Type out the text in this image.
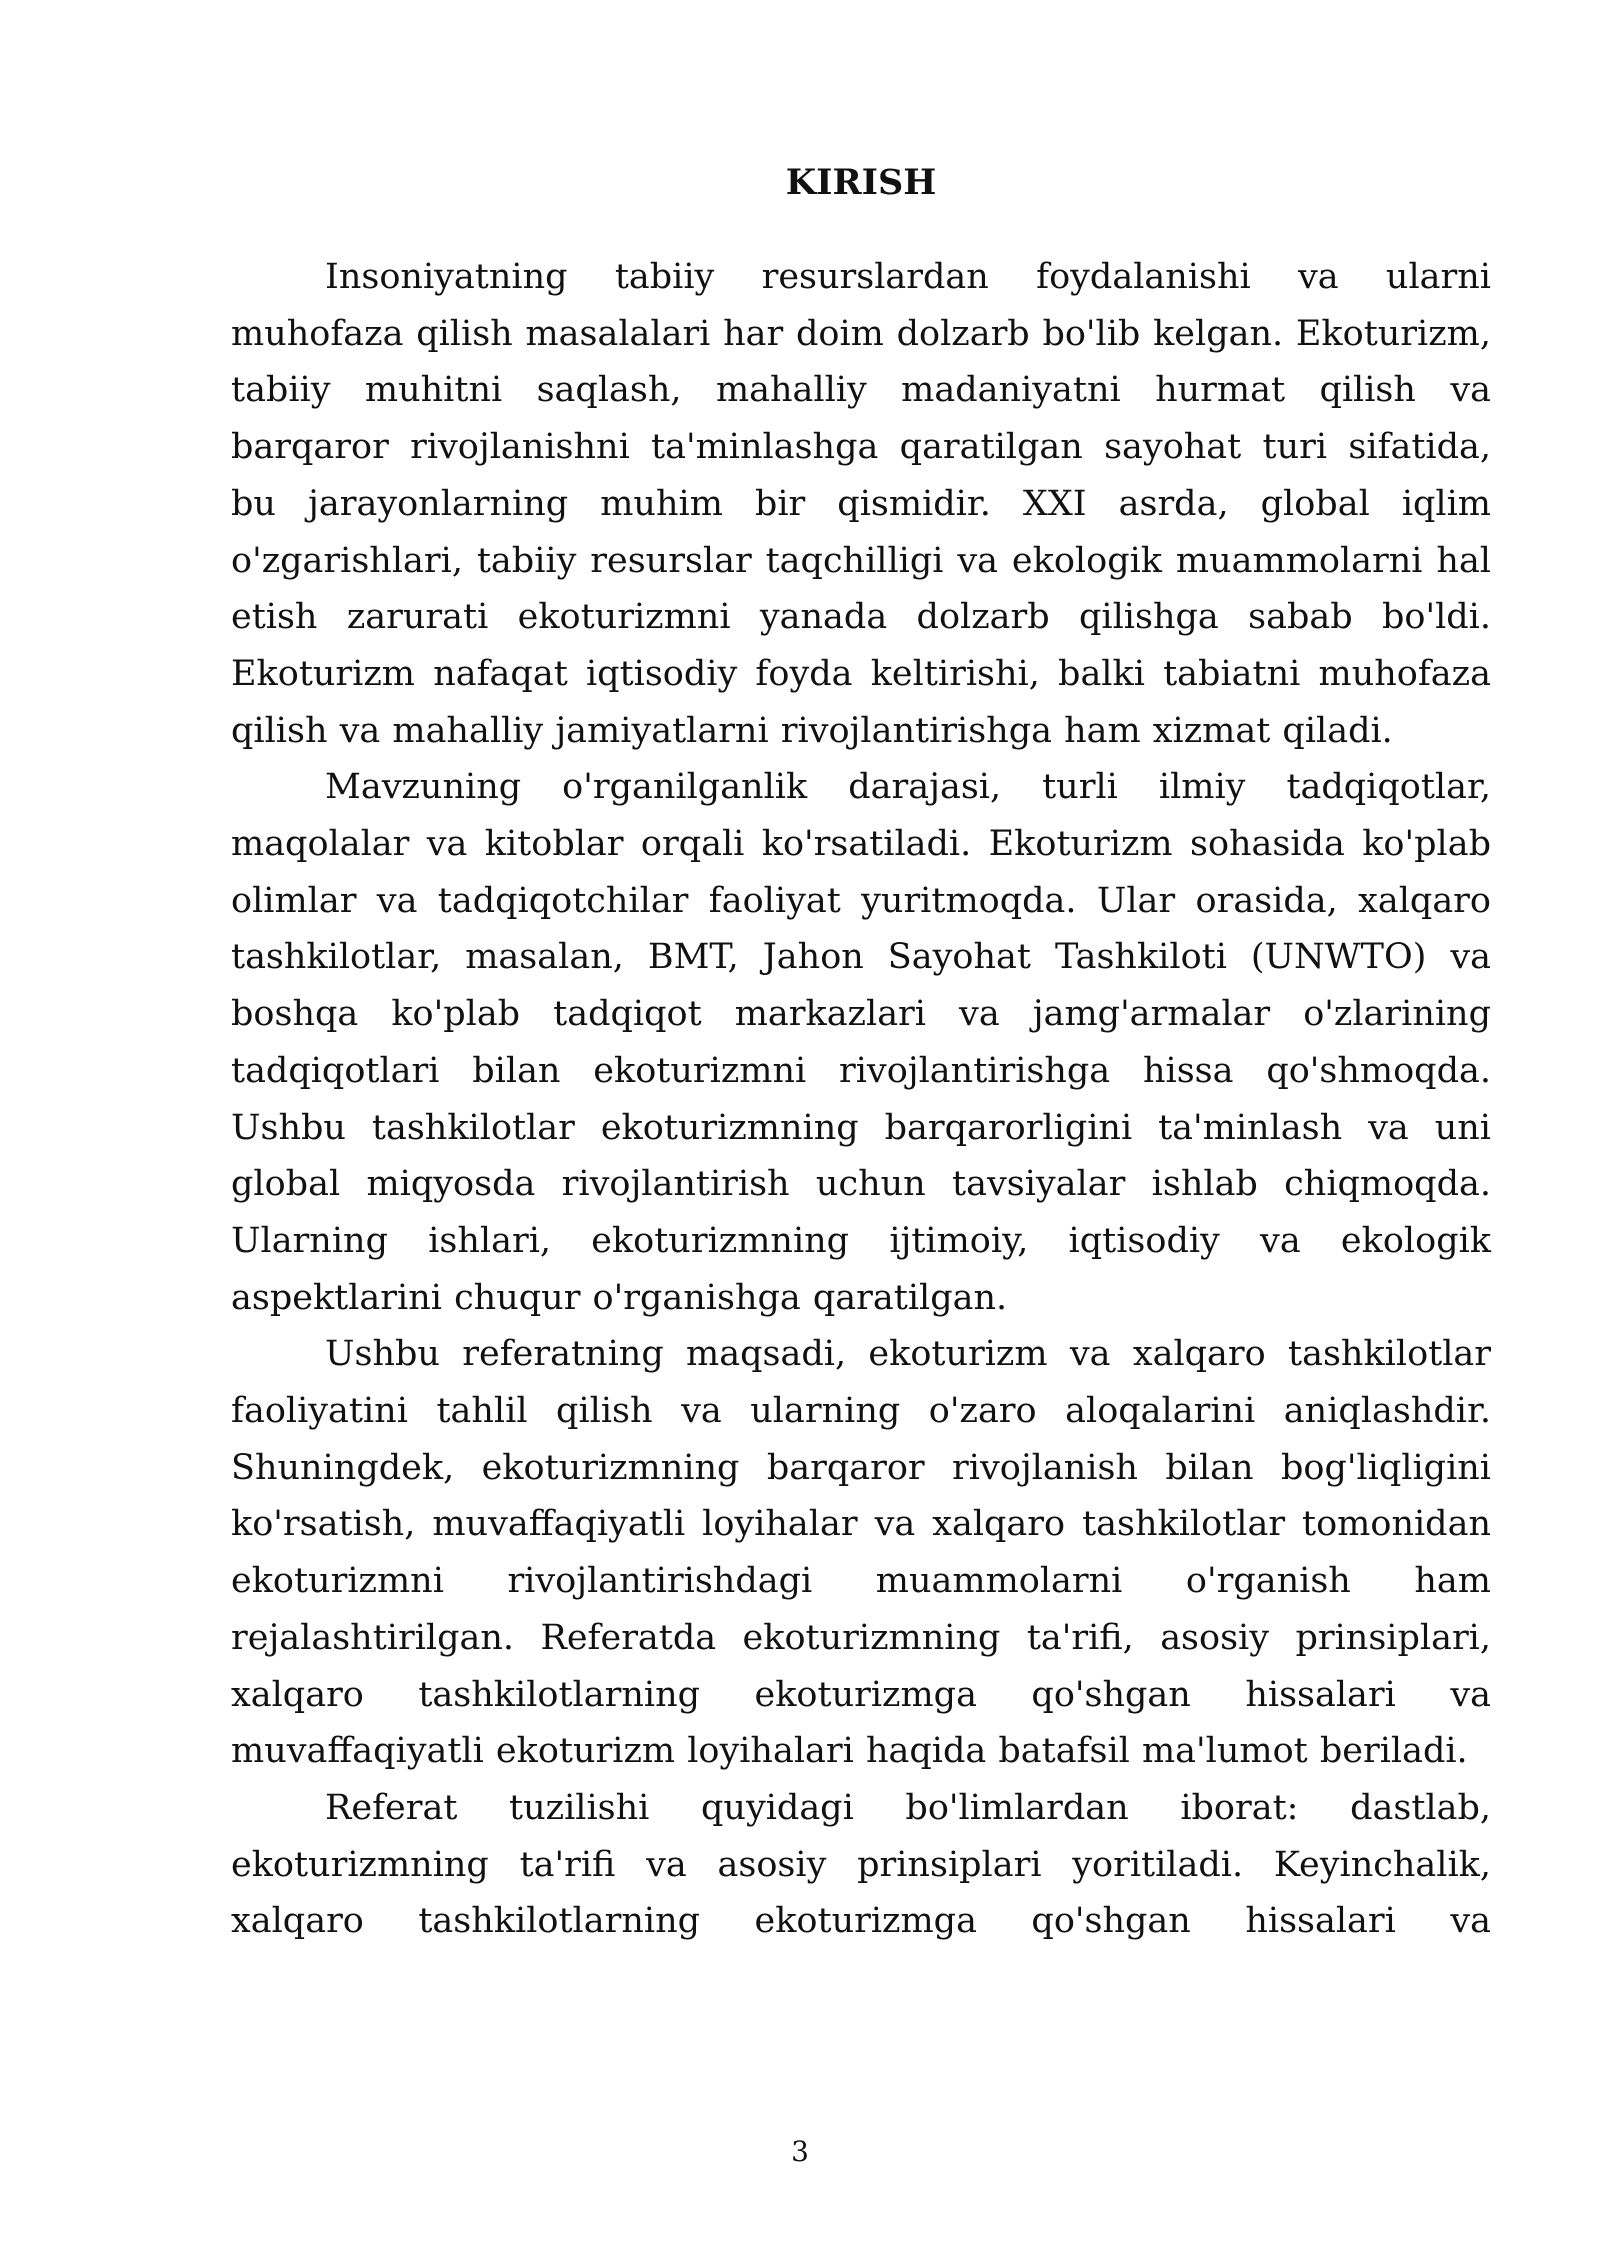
KIRISH

Insoniyatning tabiiy resurslardan foydalanishi va ularni muhofaza qilish masalalari har doim dolzarb bo'lib kelgan. Ekoturizm, tabiiy muhitni saqlash, mahalliy madaniyatni hurmat qilish va barqaror rivojlanishni ta'minlashga qaratilgan sayohat turi sifatida, bu jarayonlarning muhim bir qismidir. XXI asrda, global iqlim o'zgarishlari, tabiiy resurslar taqchilligi va ekologik muammolarni hal etish zarurati ekoturizmni yanada dolzarb qilishga sabab bo'ldi. Ekoturizm nafaqat iqtisodiy foyda keltirishi, balki tabiatni muhofaza qilish va mahalliy jamiyatlarni rivojlantirishga ham xizmat qiladi.

Mavzuning o'rganilganlik darajasi, turli ilmiy tadqiqotlar, maqolalar va kitoblar orqali ko'rsatiladi. Ekoturizm sohasida ko'plab olimlar va tadqiqotchilar faoliyat yuritmoqda. Ular orasida, xalqaro tashkilotlar, masalan, BMT, Jahon Sayohat Tashkiloti (UNWTO) va boshqa ko'plab tadqiqot markazlari va jamg'armalar o'zlarining tadqiqotlari bilan ekoturizmni rivojlantirishga hissa qo'shmoqda. Ushbu tashkilotlar ekoturizmning barqarorligini ta'minlash va uni global miqyosda rivojlantirish uchun tavsiyalar ishlab chiqmoqda. Ularning ishlari, ekoturizmning ijtimoiy, iqtisodiy va ekologik aspektlarini chuqur o'rganishga qaratilgan.

Ushbu referatning maqsadi, ekoturizm va xalqaro tashkilotlar faoliyatini tahlil qilish va ularning o'zaro aloqalarini aniqlashdir. Shuningdek, ekoturizmning barqaror rivojlanish bilan bog'liqligini ko'rsatish, muvaffaqiyatli loyihalar va xalqaro tashkilotlar tomonidan ekoturizmni rivojlantirishdagi muammolarni o'rganish ham rejalashtirilgan. Referatda ekoturizmning ta'rifi, asosiy prinsiplari, xalqaro tashkilotlarning ekoturizmga qo'shgan hissalari va muvaffaqiyatli ekoturizm loyihalari haqida batafsil ma'lumot beriladi.

Referat tuzilishi quyidagi bo'limlardan iborat: dastlab, ekoturizmning ta'rifi va asosiy prinsiplari yoritiladi. Keyinchalik, xalqaro tashkilotlarning ekoturizmga qo'shgan hissalari va

3
